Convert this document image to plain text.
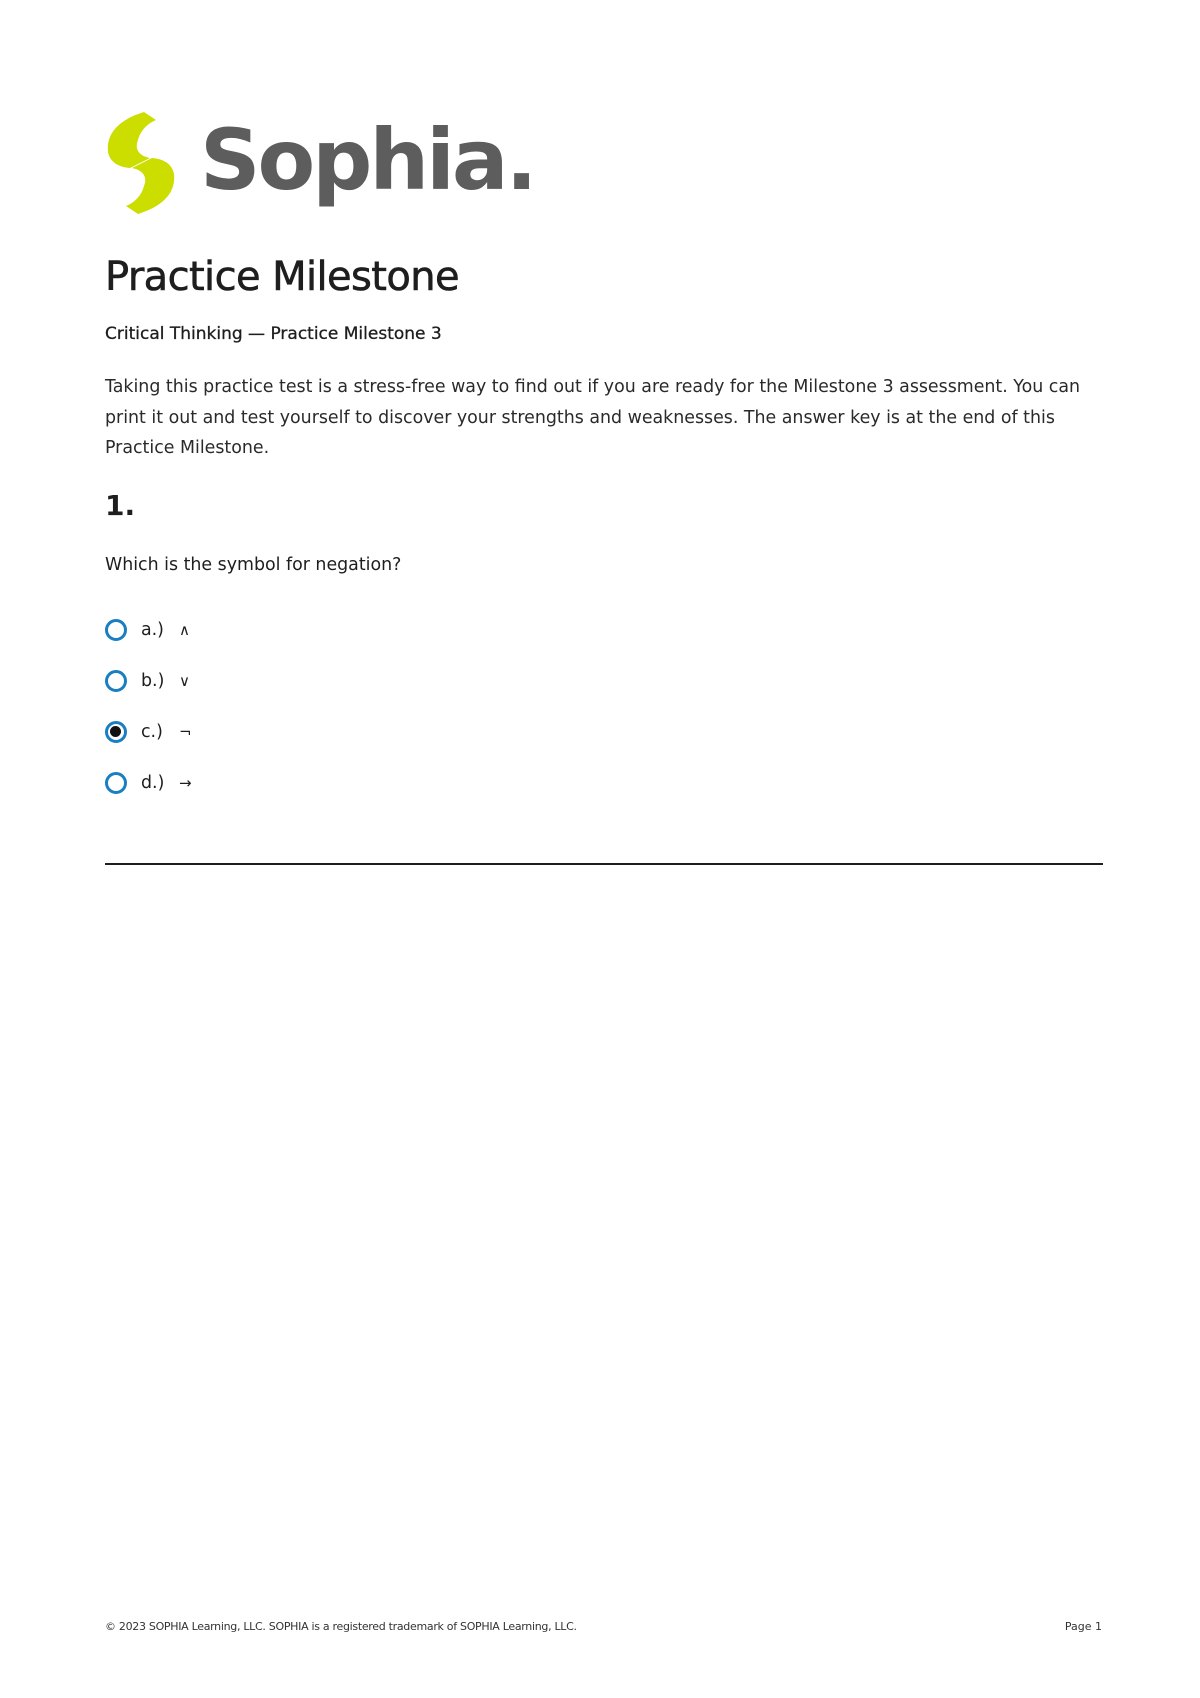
Sophia.
Practice Milestone

Critical Thinking — Practice Milestone 3

Taking this practice test is a stress-free way to find out if you are ready for the Milestone 3 assessment. You can print it out and test yourself to discover your strengths and weaknesses. The answer key is at the end of this Practice Milestone.

1.

Which is the symbol for negation?

a.)	∧
b.) ∨
c.)	¬
d.) →
© 2023 SOPHIA Learning, LLC. SOPHIA is a registered trademark of SOPHIA Learning, LLC.	Page 1
